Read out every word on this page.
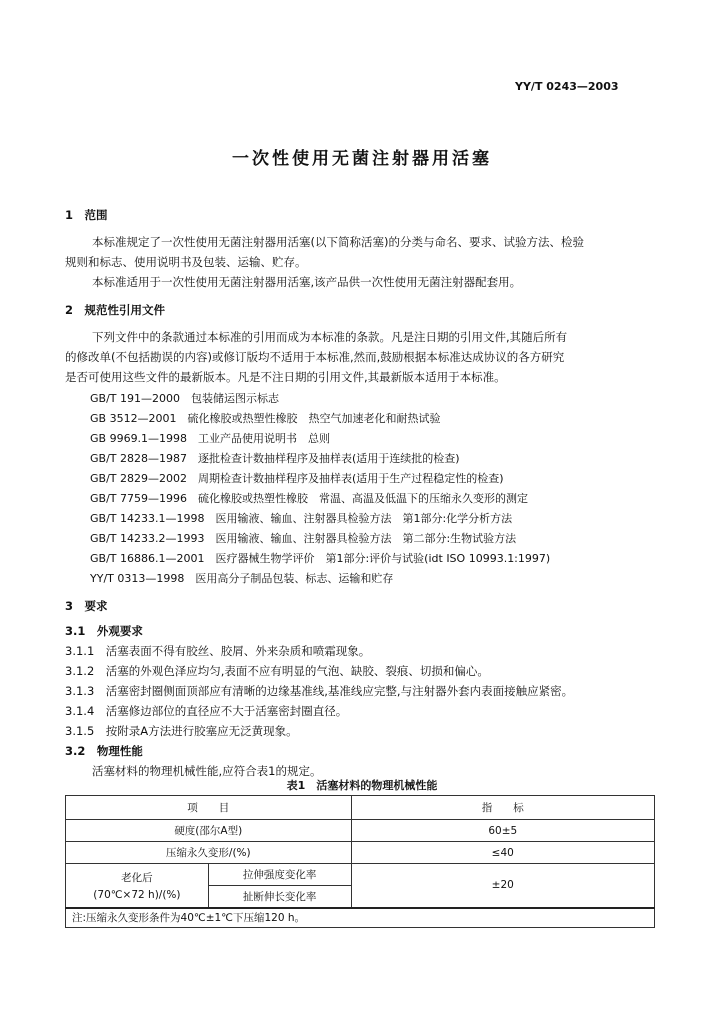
YY/T 0243—2003
一次性使用无菌注射器用活塞
1　范围
本标准规定了一次性使用无菌注射器用活塞(以下简称活塞)的分类与命名、要求、试验方法、检验
规则和标志、使用说明书及包装、运输、贮存。
本标准适用于一次性使用无菌注射器用活塞,该产品供一次性使用无菌注射器配套用。
2　规范性引用文件
下列文件中的条款通过本标准的引用而成为本标准的条款。凡是注日期的引用文件,其随后所有
的修改单(不包括勘误的内容)或修订版均不适用于本标准,然而,鼓励根据本标准达成协议的各方研究
是否可使用这些文件的最新版本。凡是不注日期的引用文件,其最新版本适用于本标准。
GB/T 191—2000　包装储运图示标志
GB 3512—2001　硫化橡胶或热塑性橡胶　热空气加速老化和耐热试验
GB 9969.1—1998　工业产品使用说明书　总则
GB/T 2828—1987　逐批检查计数抽样程序及抽样表(适用于连续批的检查)
GB/T 2829—2002　周期检查计数抽样程序及抽样表(适用于生产过程稳定性的检查)
GB/T 7759—1996　硫化橡胶或热塑性橡胶　常温、高温及低温下的压缩永久变形的测定
GB/T 14233.1—1998　医用输液、输血、注射器具检验方法　第1部分:化学分析方法
GB/T 14233.2—1993　医用输液、输血、注射器具检验方法　第二部分:生物试验方法
GB/T 16886.1—2001　医疗器械生物学评价　第1部分:评价与试验(idt ISO 10993.1:1997)
YY/T 0313—1998　医用高分子制品包装、标志、运输和贮存
3　要求
3.1　外观要求
3.1.1　活塞表面不得有胶丝、胶屑、外来杂质和喷霜现象。
3.1.2　活塞的外观色泽应均匀,表面不应有明显的气泡、缺胶、裂痕、切损和偏心。
3.1.3　活塞密封圈侧面顶部应有清晰的边缘基准线,基准线应完整,与注射器外套内表面接触应紧密。
3.1.4　活塞修边部位的直径应不大于活塞密封圈直径。
3.1.5　按附录A方法进行胶塞应无泛黄现象。
3.2　物理性能
活塞材料的物理机械性能,应符合表1的规定。
表1　活塞材料的物理机械性能
项　　目		指　　标
硬度(邵尔A型)		60±5
压缩永久变形/(%)		≤40

老化后
(70℃×72 h)/(%)	拉伸强度变化率	±20
	扯断伸长变化率	
注:压缩永久变形条件为40℃±1℃下压缩120 h。		
